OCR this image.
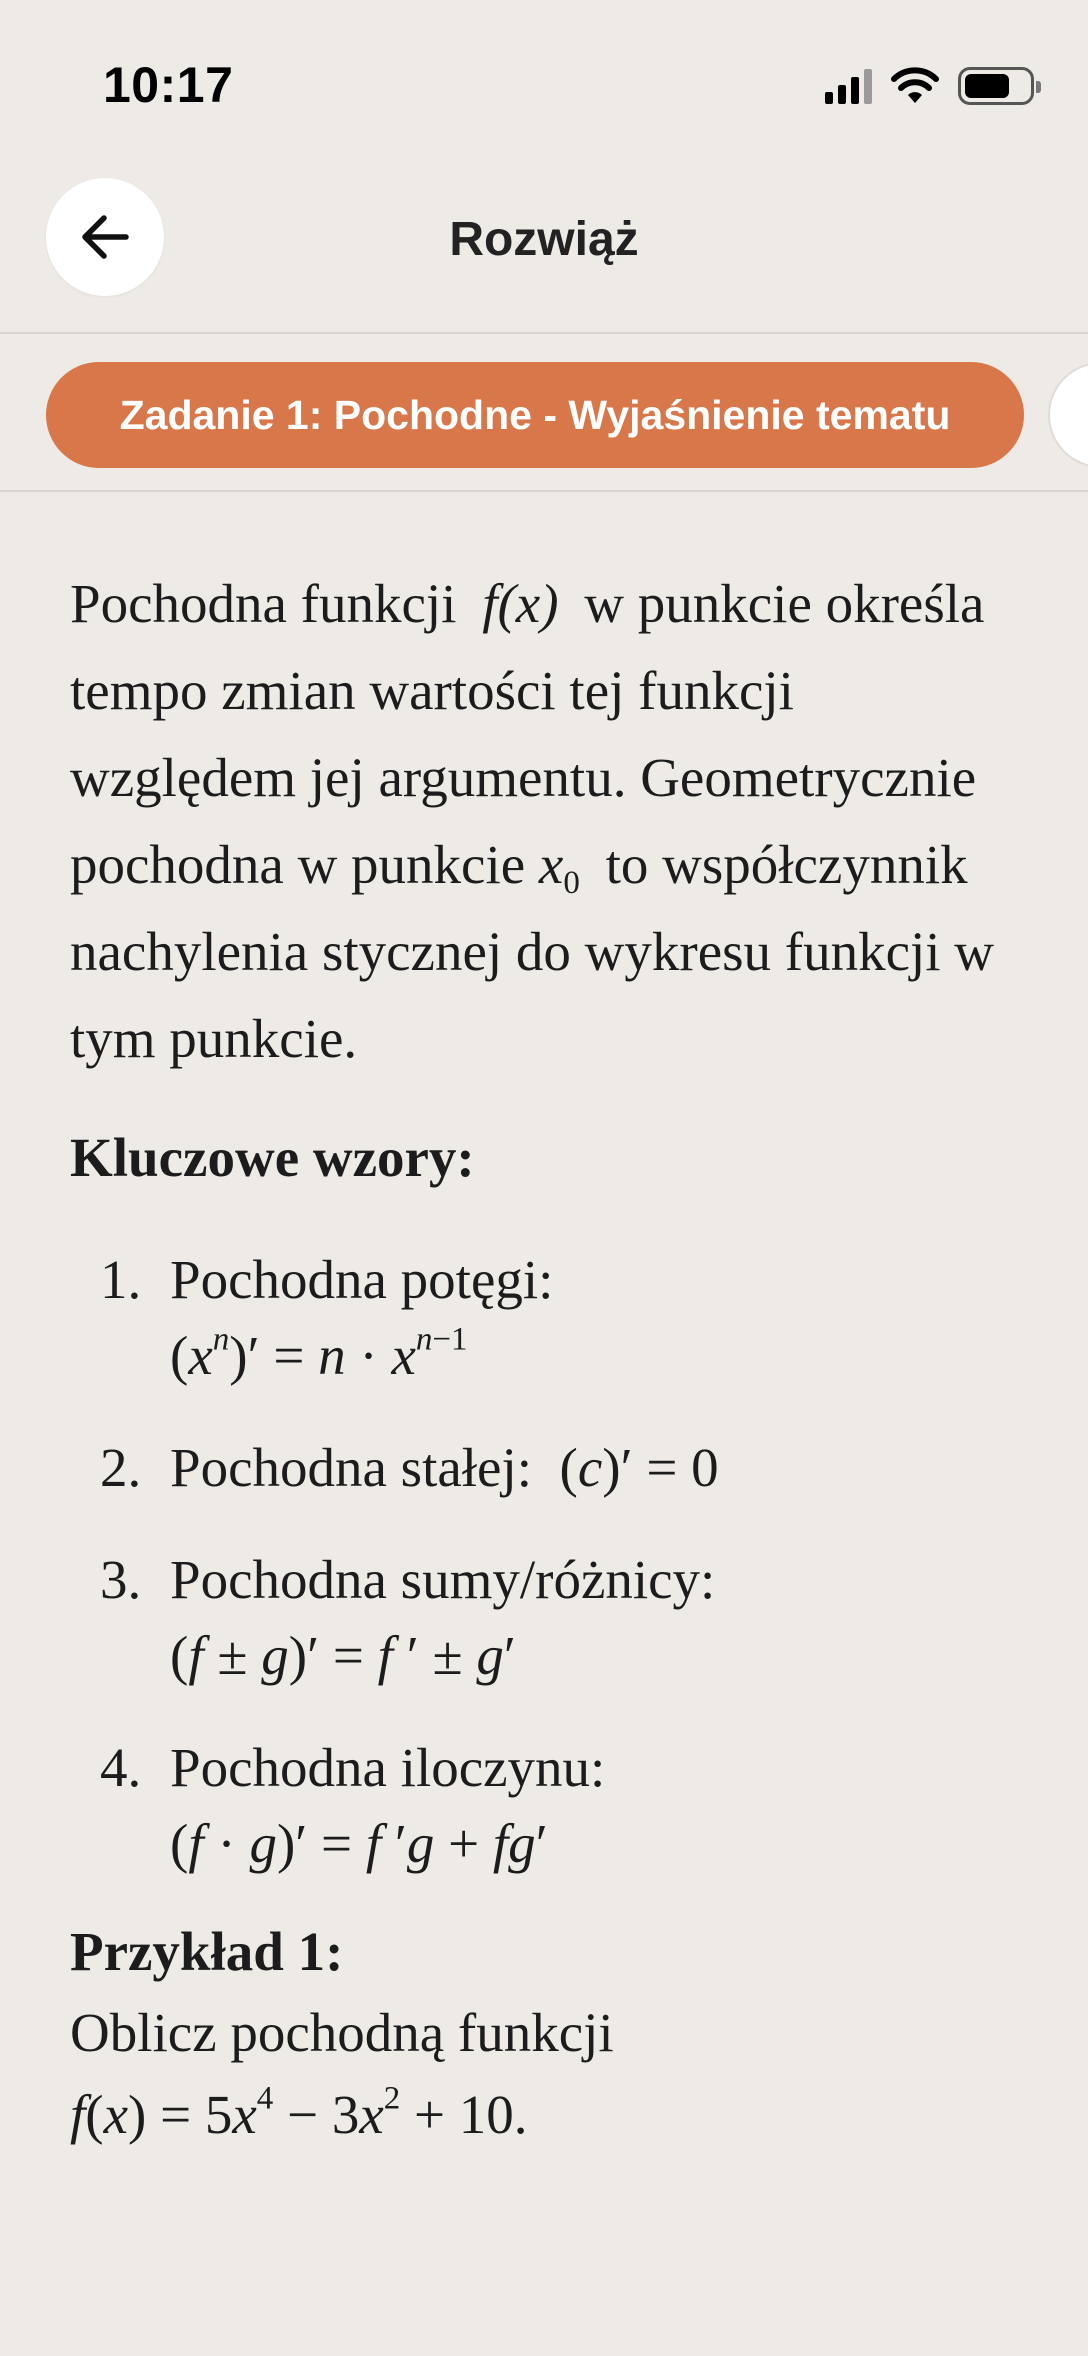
10:17
Rozwiąż
Zadanie 1: Pochodne - Wyjaśnienie tematu

Pochodna funkcji f(x) w punkcie określa tempo zmian wartości tej funkcji względem jej argumentu. Geometrycznie pochodna w punkcie $x_0$ to współczynnik nachylenia stycznej do wykresu funkcji w tym punkcie.

Kluczowe wzory:

1. Pochodna potęgi:
$(x^n)' = n \cdot x^{n-1}$
2. Pochodna stałej:  (c)′ = 0
3. Pochodna sumy/różnicy:
(f ± g)′ = f ′ ± g′
4. Pochodna iloczynu:
(f · g)′ = f ′g + fg′

Przykład 1:

Oblicz pochodną funkcji
$f(x) = 5x^4 - 3x^2 + 10$.
